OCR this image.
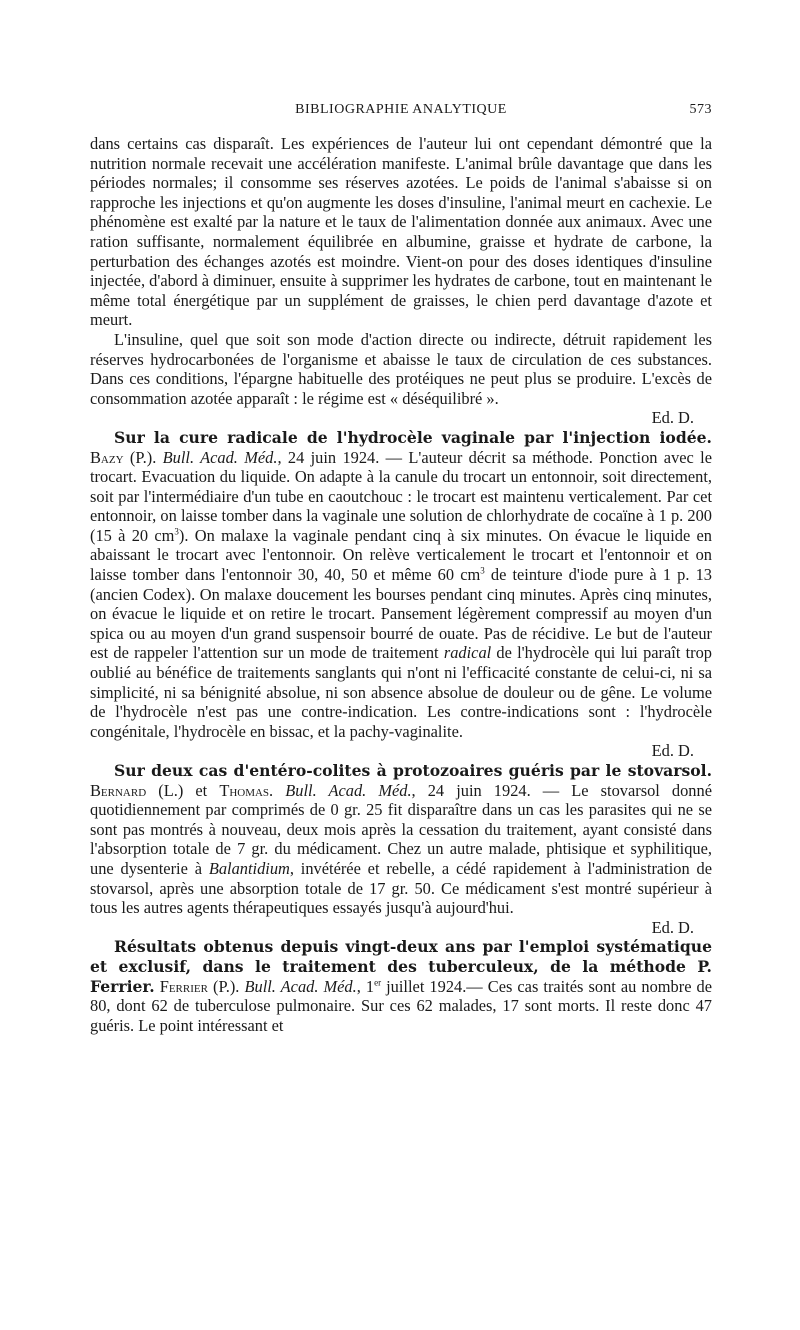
BIBLIOGRAPHIE ANALYTIQUE	573

dans certains cas disparaît. Les expériences de l'auteur lui ont cependant démontré que la nutrition normale recevait une accélération manifeste. L'animal brûle davantage que dans les périodes normales; il consomme ses réserves azotées. Le poids de l'animal s'abaisse si on rapproche les injections et qu'on augmente les doses d'insuline, l'animal meurt en cachexie. Le phénomène est exalté par la nature et le taux de l'alimentation donnée aux animaux. Avec une ration suffisante, normalement équilibrée en albumine, graisse et hydrate de carbone, la perturbation des échanges azotés est moindre. Vient-on pour des doses identiques d'insuline injectée, d'abord à diminuer, ensuite à supprimer les hydrates de carbone, tout en maintenant le même total énergétique par un supplément de graisses, le chien perd davantage d'azote et meurt.

L'insuline, quel que soit son mode d'action directe ou indirecte, détruit rapidement les réserves hydrocarbonées de l'organisme et abaisse le taux de circulation de ces substances. Dans ces conditions, l'épargne habituelle des protéiques ne peut plus se produire. L'excès de consommation azotée apparaît : le régime est « déséquilibré ».

Ed. D.

Sur la cure radicale de l'hydrocèle vaginale par l'injection iodée. Bazy (P.). Bull. Acad. Méd., 24 juin 1924. — L'auteur décrit sa méthode. Ponction avec le trocart. Evacuation du liquide. On adapte à la canule du trocart un entonnoir, soit directement, soit par l'intermédiaire d'un tube en caoutchouc : le trocart est maintenu verticalement. Par cet entonnoir, on laisse tomber dans la vaginale une solution de chlorhydrate de cocaïne à 1 p. 200 (15 à 20 $cm^3$). On malaxe la vaginale pendant cinq à six minutes. On évacue le liquide en abaissant le trocart avec l'entonnoir. On relève verticalement le trocart et l'entonnoir et on laisse tomber dans l'entonnoir 30, 40, 50 et même 60 $cm^3$ de teinture d'iode pure à 1 p. 13 (ancien Codex). On malaxe doucement les bourses pendant cinq minutes. Après cinq minutes, on évacue le liquide et on retire le trocart. Pansement légèrement compressif au moyen d'un spica ou au moyen d'un grand suspensoir bourré de ouate. Pas de récidive. Le but de l'auteur est de rappeler l'attention sur un mode de traitement radical de l'hydrocèle qui lui paraît trop oublié au bénéfice de traitements sanglants qui n'ont ni l'efficacité constante de celui-ci, ni sa simplicité, ni sa bénignité absolue, ni son absence absolue de douleur ou de gêne. Le volume de l'hydrocèle n'est pas une contre-indication. Les contre-indications sont : l'hydrocèle congénitale, l'hydrocèle en bissac, et la pachy-vaginalite.

Ed. D.

Sur deux cas d'entéro-colites à protozoaires guéris par le stovarsol. Bernard (L.) et Thomas. Bull. Acad. Méd., 24 juin 1924. — Le stovarsol donné quotidiennement par comprimés de 0 gr. 25 fit disparaître dans un cas les parasites qui ne se sont pas montrés à nouveau, deux mois après la cessation du traitement, ayant consisté dans l'absorption totale de 7 gr. du médicament. Chez un autre malade, phtisique et syphilitique, une dysenterie à Balantidium, invétérée et rebelle, a cédé rapidement à l'administration de stovarsol, après une absorption totale de 17 gr. 50. Ce médicament s'est montré supérieur à tous les autres agents thérapeutiques essayés jusqu'à aujourd'hui.

Ed. D.

Résultats obtenus depuis vingt-deux ans par l'emploi systématique et exclusif, dans le traitement des tuberculeux, de la méthode P. Ferrier. Ferrier (P.). Bull. Acad. Méd., 1er juillet 1924.— Ces cas traités sont au nombre de 80, dont 62 de tuberculose pulmonaire. Sur ces 62 malades, 17 sont morts. Il reste donc 47 guéris. Le point intéressant et
